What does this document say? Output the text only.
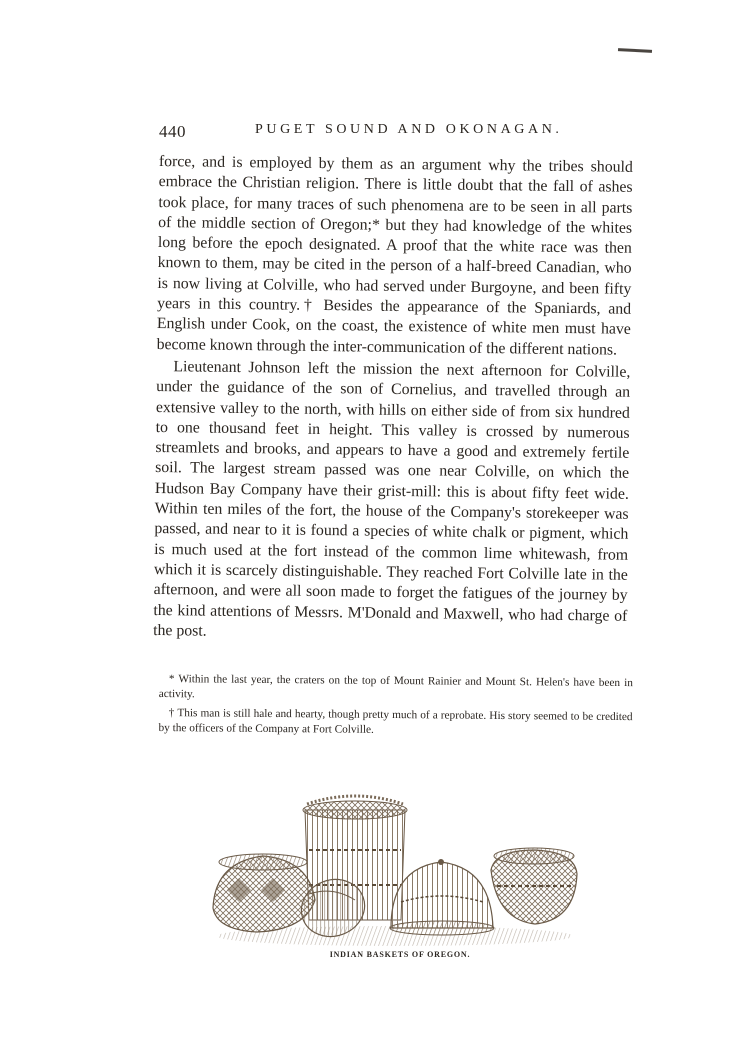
440	PUGET SOUND AND OKONAGAN.

force, and is employed by them as an argument why the tribes should embrace the Christian religion. There is little doubt that the fall of ashes took place, for many traces of such phenomena are to be seen in all parts of the middle section of Oregon;* but they had knowledge of the whites long before the epoch designated. A proof that the white race was then known to them, may be cited in the person of a half-breed Canadian, who is now living at Colville, who had served under Burgoyne, and been fifty years in this country.† Besides the appearance of the Spaniards, and English under Cook, on the coast, the existence of white men must have become known through the inter-communication of the different nations.

Lieutenant Johnson left the mission the next afternoon for Colville, under the guidance of the son of Cornelius, and travelled through an extensive valley to the north, with hills on either side of from six hundred to one thousand feet in height. This valley is crossed by numerous streamlets and brooks, and appears to have a good and extremely fertile soil. The largest stream passed was one near Colville, on which the Hudson Bay Company have their grist-mill: this is about fifty feet wide. Within ten miles of the fort, the house of the Company's storekeeper was passed, and near to it is found a species of white chalk or pigment, which is much used at the fort instead of the common lime whitewash, from which it is scarcely distinguishable. They reached Fort Colville late in the afternoon, and were all soon made to forget the fatigues of the journey by the kind attentions of Messrs. M'Donald and Maxwell, who had charge of the post.

* Within the last year, the craters on the top of Mount Rainier and Mount St. Helen's have been in activity.

† This man is still hale and hearty, though pretty much of a reprobate. His story seemed to be credited by the officers of the Company at Fort Colville.

INDIAN BASKETS OF OREGON.
